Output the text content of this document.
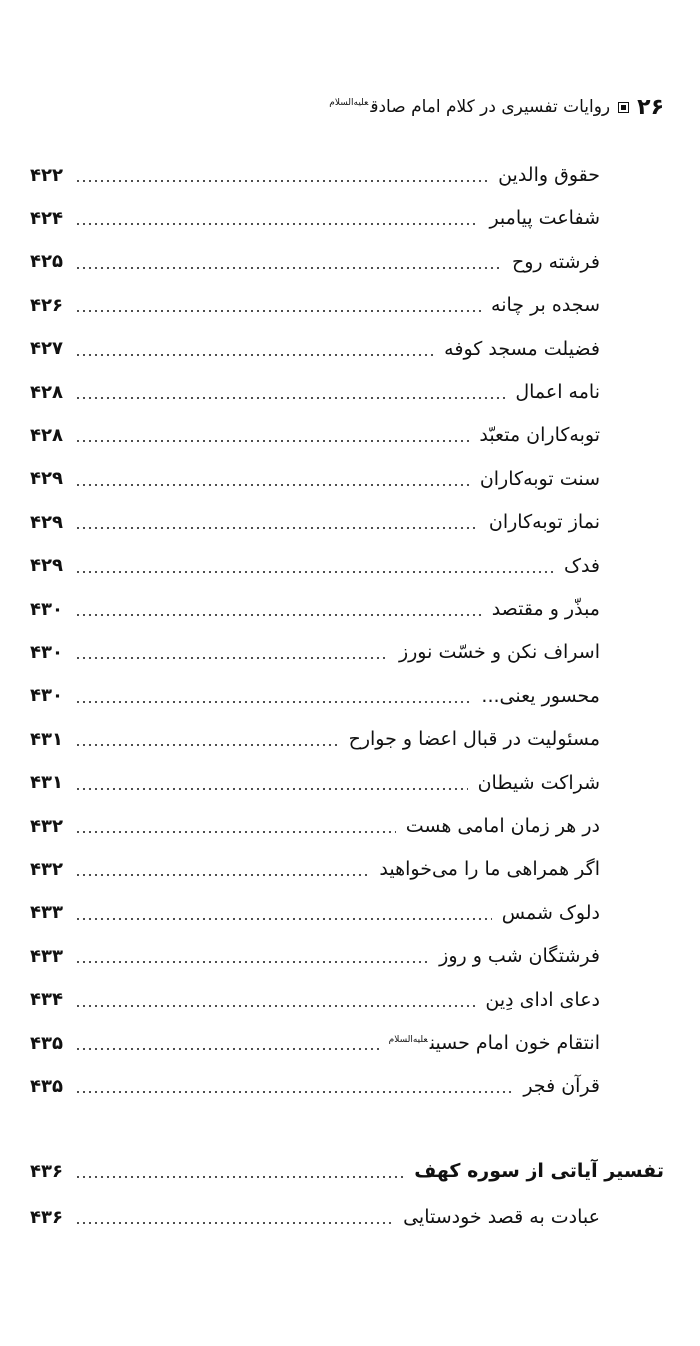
۲۶
روایات تفسیری در کلام امام صادق$^{علیه‌السلام}$
حقوق والدین
۴۲۲
شفاعت پیامبر
۴۲۴
فرشته روح
۴۲۵
سجده بر چانه
۴۲۶
فضیلت مسجد کوفه
۴۲۷
نامه اعمال
۴۲۸
توبه‌کاران متعبّد
۴۲۸
سنت توبه‌کاران
۴۲۹
نماز توبه‌کاران
۴۲۹
فدک
۴۲۹
مبذّر و مقتصد
۴۳۰
اسراف نکن و خسّت نورز
۴۳۰
محسور یعنی...
۴۳۰
مسئولیت در قبال اعضا و جوارح
۴۳۱
شراکت شیطان
۴۳۱
در هر زمان امامی هست
۴۳۲
اگر همراهی ما را می‌خواهید
۴۳۲
دلوک شمس
۴۳۳
فرشتگان شب و روز
۴۳۳
دعای ادای دِین
۴۳۴
انتقام خون امام حسین$^{علیه‌السلام}$
۴۳۵
قرآن فجر
۴۳۵
تفسیر آیاتی از سوره کهف
۴۳۶
عبادت به قصد خودستایی
۴۳۶
